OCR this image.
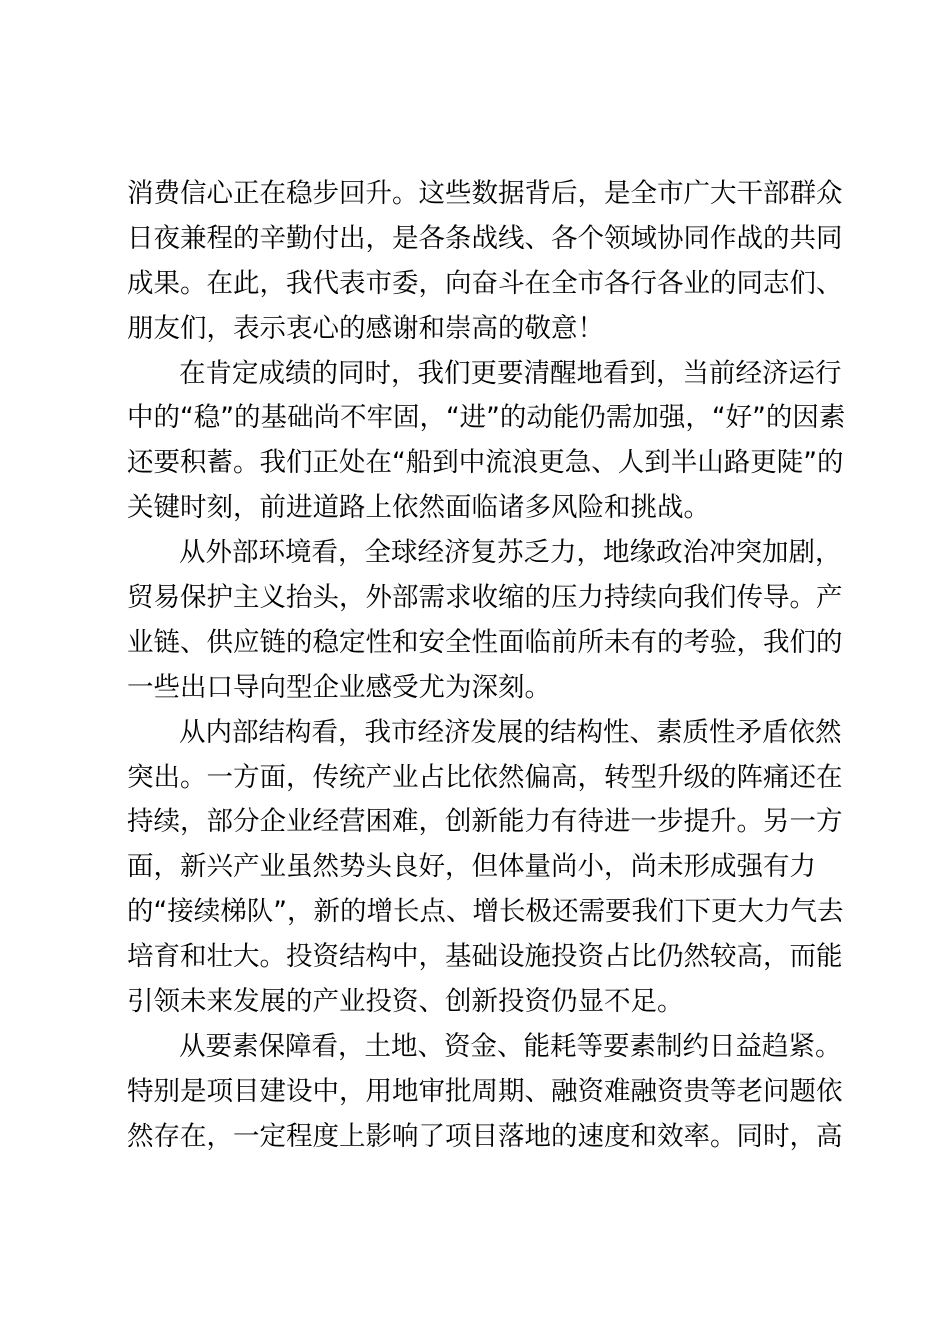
消费信心正在稳步回升。这些数据背后，是全市广大干部群众
日夜兼程的辛勤付出，是各条战线、各个领域协同作战的共同
成果。在此，我代表市委，向奋斗在全市各行各业的同志们、
朋友们，表示衷心的感谢和崇高的敬意！
在肯定成绩的同时，我们更要清醒地看到，当前经济运行
中的“稳”的基础尚不牢固，“进”的动能仍需加强，“好”的因素
还要积蓄。我们正处在“船到中流浪更急、人到半山路更陡”的
关键时刻，前进道路上依然面临诸多风险和挑战。
从外部环境看，全球经济复苏乏力，地缘政治冲突加剧，
贸易保护主义抬头，外部需求收缩的压力持续向我们传导。产
业链、供应链的稳定性和安全性面临前所未有的考验，我们的
一些出口导向型企业感受尤为深刻。
从内部结构看，我市经济发展的结构性、素质性矛盾依然
突出。一方面，传统产业占比依然偏高，转型升级的阵痛还在
持续，部分企业经营困难，创新能力有待进一步提升。另一方
面，新兴产业虽然势头良好，但体量尚小，尚未形成强有力
的“接续梯队”，新的增长点、增长极还需要我们下更大力气去
培育和壮大。投资结构中，基础设施投资占比仍然较高，而能
引领未来发展的产业投资、创新投资仍显不足。
从要素保障看，土地、资金、能耗等要素制约日益趋紧。
特别是项目建设中，用地审批周期、融资难融资贵等老问题依
然存在，一定程度上影响了项目落地的速度和效率。同时，高
